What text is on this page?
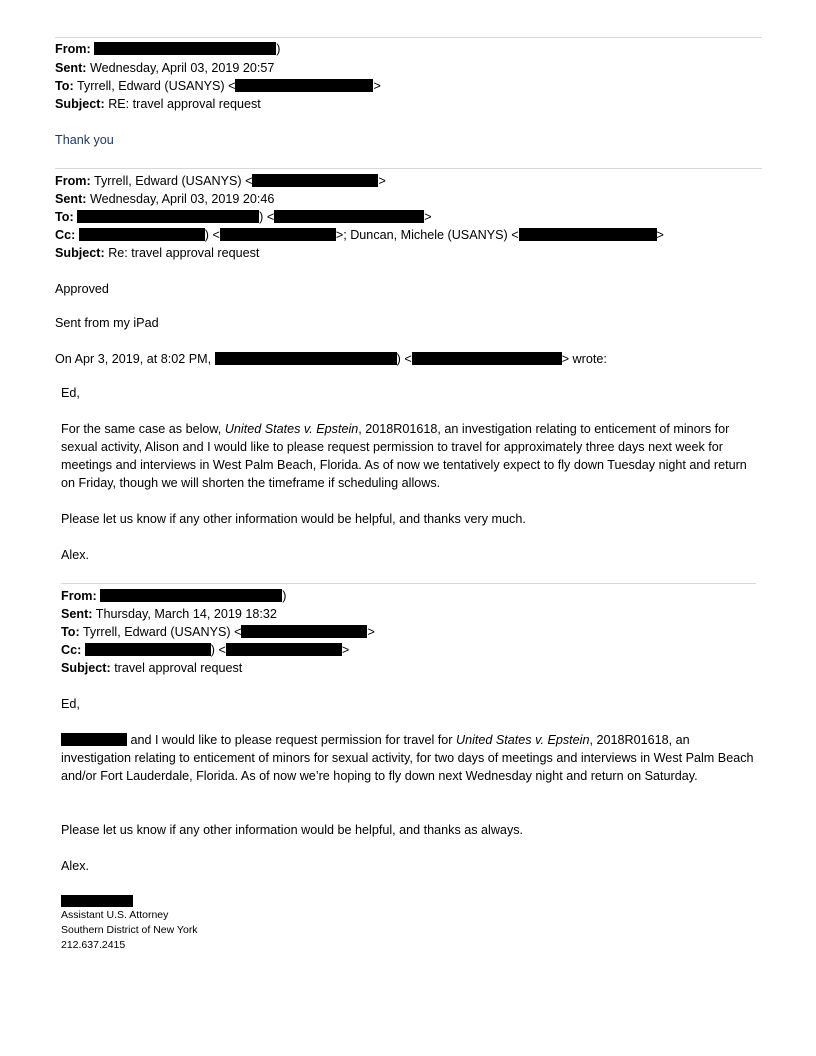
From:	)
Sent: Wednesday, April 03, 2019 20:57
To: Tyrrell, Edward (USANYS) <	>
Subject: RE: travel approval request
Thank you
From: Tyrrell, Edward (USANYS) <	>
Sent: Wednesday, April 03, 2019 20:46
To:	) <	>
Cc:	) <	>; Duncan, Michele (USANYS) <	>
Subject: Re: travel approval request
Approved
Sent from my iPad
On Apr 3, 2019, at 8:02 PM,	) <	> wrote:
Ed,
For the same case as below, United States v. Epstein, 2018R01618, an investigation relating to enticement of minors for sexual activity, Alison and I would like to please request permission to travel for approximately three days next week for meetings and interviews in West Palm Beach, Florida. As of now we tentatively expect to fly down Tuesday night and return on Friday, though we will shorten the timeframe if scheduling allows.
Please let us know if any other information would be helpful, and thanks very much.
Alex.
From:	)
Sent: Thursday, March 14, 2019 18:32
To: Tyrrell, Edward (USANYS) <	>
Cc:	) <	>
Subject: travel approval request
Ed,
and I would like to please request permission for travel for United States v. Epstein, 2018R01618, an investigation relating to enticement of minors for sexual activity, for two days of meetings and interviews in West Palm Beach and/or Fort Lauderdale, Florida. As of now we’re hoping to fly down next Wednesday night and return on Saturday.
Please let us know if any other information would be helpful, and thanks as always.
Alex.
Assistant U.S. Attorney
Southern District of New York
212.637.2415
